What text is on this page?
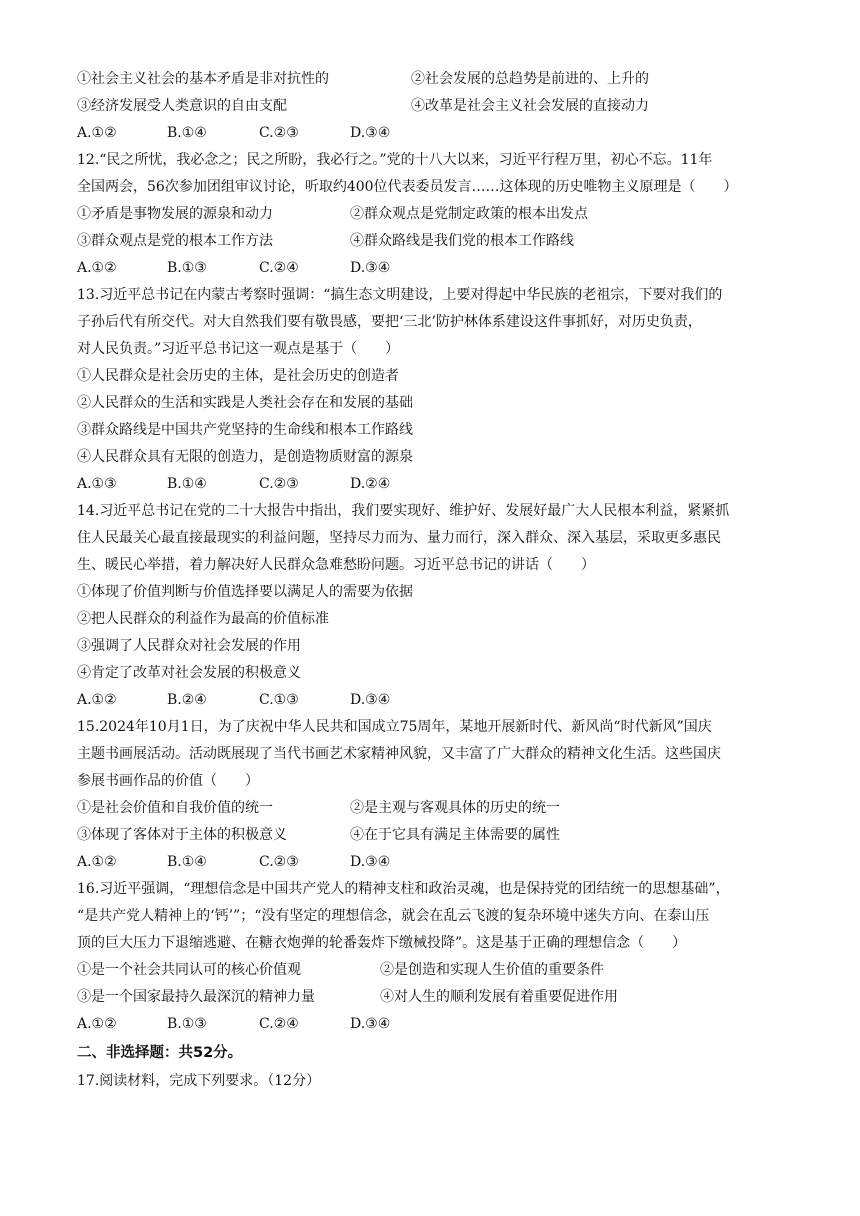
①社会主义社会的基本矛盾是非对抗性的	②社会发展的总趋势是前进的、上升的
③经济发展受人类意识的自由支配	④改革是社会主义社会发展的直接动力
A.①②	B.①④	C.②③	D.③④
12.“民之所忧，我必念之；民之所盼，我必行之。”党的十八大以来，习近平行程万里，初心不忘。11年
全国两会，56次参加团组审议讨论，听取约400位代表委员发言……这体现的历史唯物主义原理是（　　）
①矛盾是事物发展的源泉和动力	②群众观点是党制定政策的根本出发点
③群众观点是党的根本工作方法	④群众路线是我们党的根本工作路线
A.①②	B.①③	C.②④	D.③④
13.习近平总书记在内蒙古考察时强调：“搞生态文明建设，上要对得起中华民族的老祖宗，下要对我们的
子孙后代有所交代。对大自然我们要有敬畏感，要把‘三北’防护林体系建设这件事抓好，对历史负责，
对人民负责。”习近平总书记这一观点是基于（　　）
①人民群众是社会历史的主体，是社会历史的创造者
②人民群众的生活和实践是人类社会存在和发展的基础
③群众路线是中国共产党坚持的生命线和根本工作路线
④人民群众具有无限的创造力，是创造物质财富的源泉
A.①③	B.①④	C.②③	D.②④
14.习近平总书记在党的二十大报告中指出，我们要实现好、维护好、发展好最广大人民根本利益，紧紧抓
住人民最关心最直接最现实的利益问题，坚持尽力而为、量力而行，深入群众、深入基层，采取更多惠民
生、暖民心举措，着力解决好人民群众急难愁盼问题。习近平总书记的讲话（　　）
①体现了价值判断与价值选择要以满足人的需要为依据
②把人民群众的利益作为最高的价值标准
③强调了人民群众对社会发展的作用
④肯定了改革对社会发展的积极意义
A.①②	B.②④	C.①③	D.③④
15.2024年10月1日，为了庆祝中华人民共和国成立75周年，某地开展新时代、新风尚“时代新风”国庆
主题书画展活动。活动既展现了当代书画艺术家精神风貌，又丰富了广大群众的精神文化生活。这些国庆
参展书画作品的价值（　　）
①是社会价值和自我价值的统一	②是主观与客观具体的历史的统一
③体现了客体对于主体的积极意义	④在于它具有满足主体需要的属性
A.①②	B.①④	C.②③	D.③④
16.习近平强调，“理想信念是中国共产党人的精神支柱和政治灵魂，也是保持党的团结统一的思想基础”，
“是共产党人精神上的‘钙’”；“没有坚定的理想信念，就会在乱云飞渡的复杂环境中迷失方向、在泰山压
顶的巨大压力下退缩逃避、在糖衣炮弹的轮番轰炸下缴械投降”。这是基于正确的理想信念（　　）
①是一个社会共同认可的核心价值观	②是创造和实现人生价值的重要条件
③是一个国家最持久最深沉的精神力量	④对人生的顺利发展有着重要促进作用
A.①②	B.①③	C.②④	D.③④
二、非选择题：共52分。
17.阅读材料，完成下列要求。（12分）
